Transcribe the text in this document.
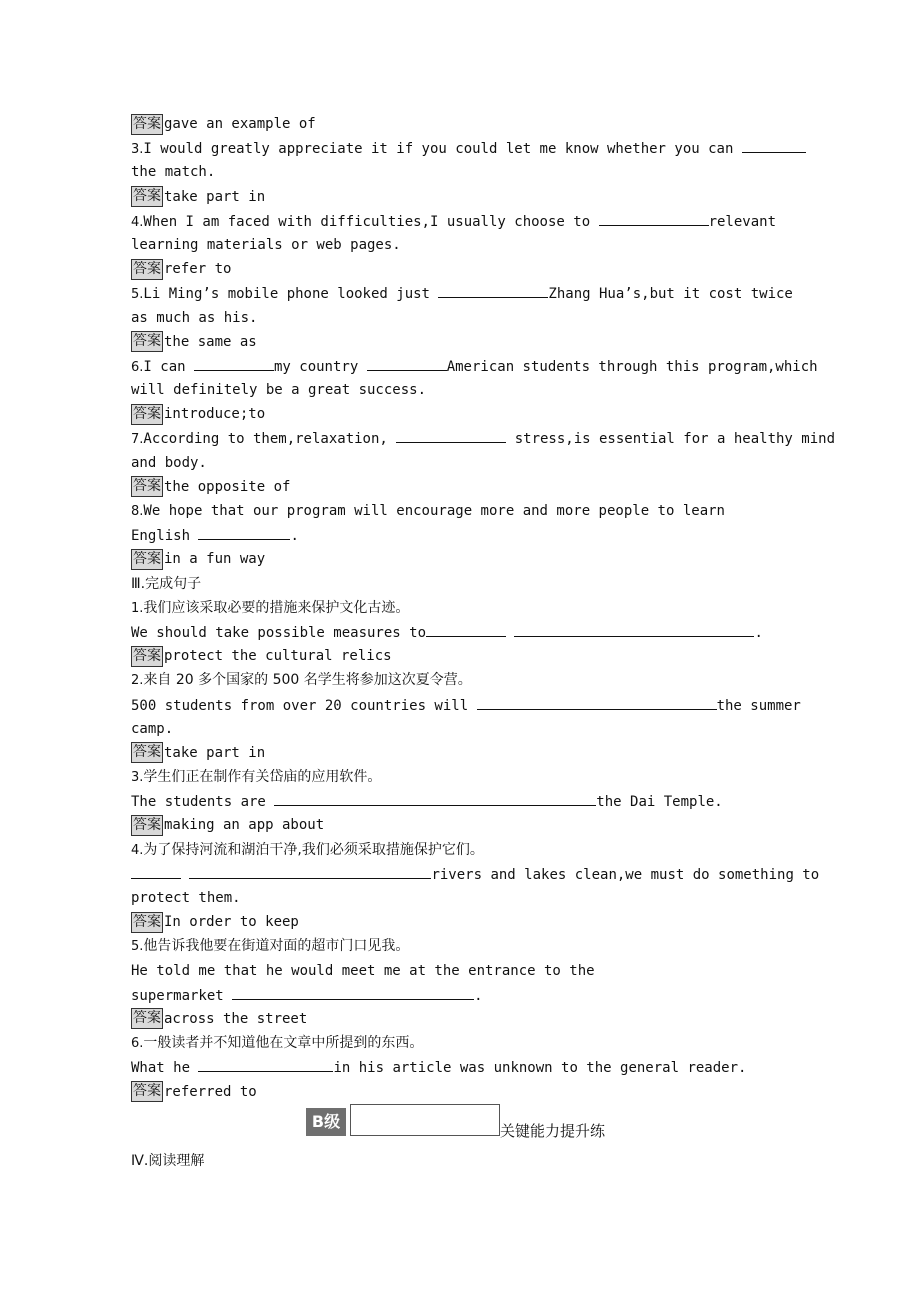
答案 gave an example of
3.I would greatly appreciate it if you could let me know whether you can
the match.
答案 take part in
4.When I am faced with difficulties,I usually choose to	relevant
learning materials or web pages.
答案 refer to
5.Li Ming’s mobile phone looked just	Zhang Hua’s,but it cost twice
as much as his.
答案 the same as
6.I can	my country	American students through this program,which
will definitely be a great success.
答案 introduce;to
7.According to them,relaxation,	stress,is essential for a healthy mind
and body.
答案 the opposite of
8.We hope that our program will encourage more and more people to learn
English	.
答案 in a fun way
Ⅲ.完成句子
1.我们应该采取必要的措施来保护文化古迹。
We should take possible measures to	.
答案 protect the cultural relics
2.来自 20 多个国家的 500 名学生将参加这次夏令营。
500 students from over 20 countries will	the summer
camp.
答案 take part in
3.学生们正在制作有关岱庙的应用软件。
The students are	the Dai Temple.
答案 making an app about
4.为了保持河流和湖泊干净,我们必须采取措施保护它们。
rivers and lakes clean,we must do something to
protect them.
答案 In order to keep
5.他告诉我他要在街道对面的超市门口见我。
He told me that he would meet me at the entrance to the
supermarket	.
答案 across the street
6.一般读者并不知道他在文章中所提到的东西。
What he	in his article was unknown to the general reader.
答案 referred to
B级	关键能力提升练
Ⅳ.阅读理解
